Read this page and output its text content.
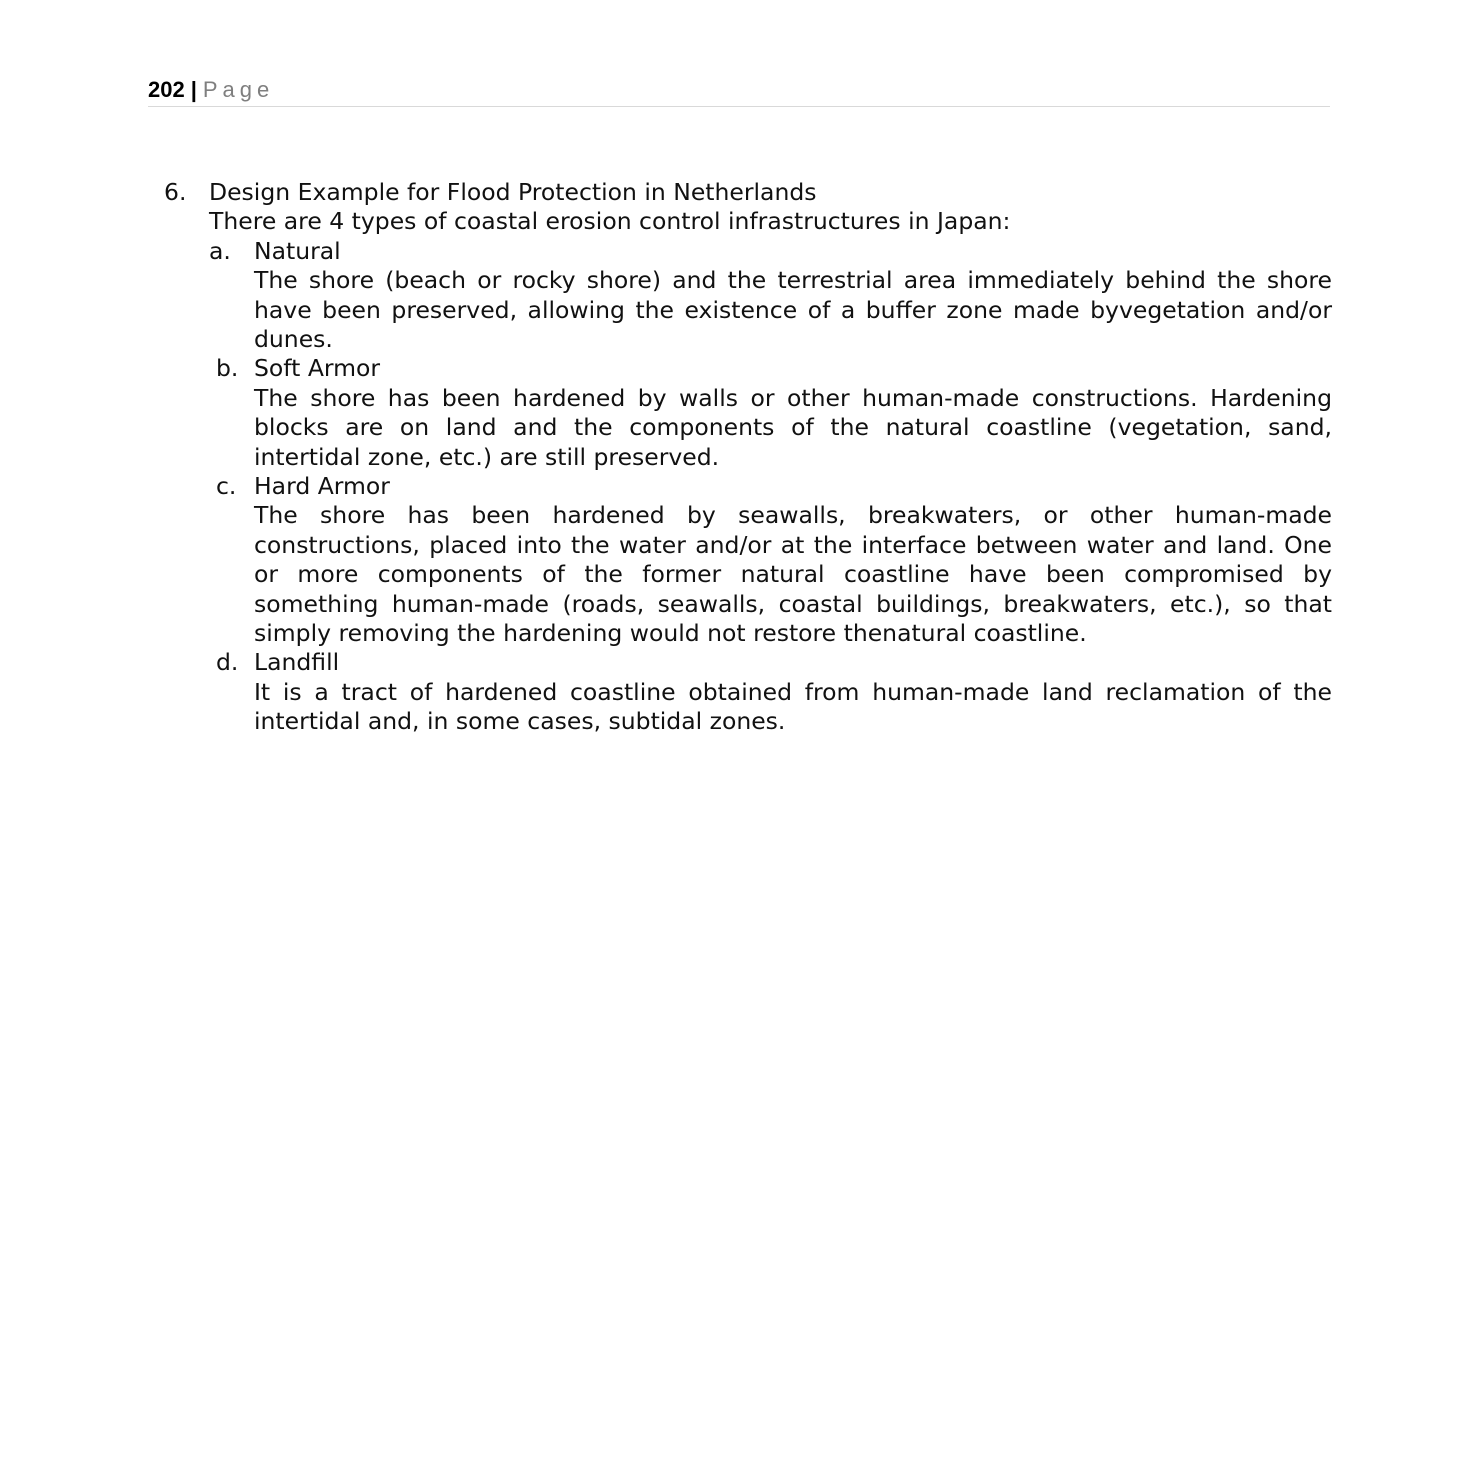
202 | Page
6. Design Example for Flood Protection in Netherlands
There are 4 types of coastal erosion control infrastructures in Japan:
a. Natural
The shore (beach or rocky shore) and the terrestrial area immediately behind the shore have been preserved, allowing the existence of a buffer zone made byvegetation and/or dunes.
b. Soft Armor
The shore has been hardened by walls or other human-made constructions. Hardening blocks are on land and the components of the natural coastline (vegetation, sand, intertidal zone, etc.) are still preserved.
c. Hard Armor
The shore has been hardened by seawalls, breakwaters, or other human-made constructions, placed into the water and/or at the interface between water and land. One or more components of the former natural coastline have been compromised by something human-made (roads, seawalls, coastal buildings, breakwaters, etc.), so that simply removing the hardening would not restore thenatural coastline.
d. Landfill
It is a tract of hardened coastline obtained from human-made land reclamation of the intertidal and, in some cases, subtidal zones.
